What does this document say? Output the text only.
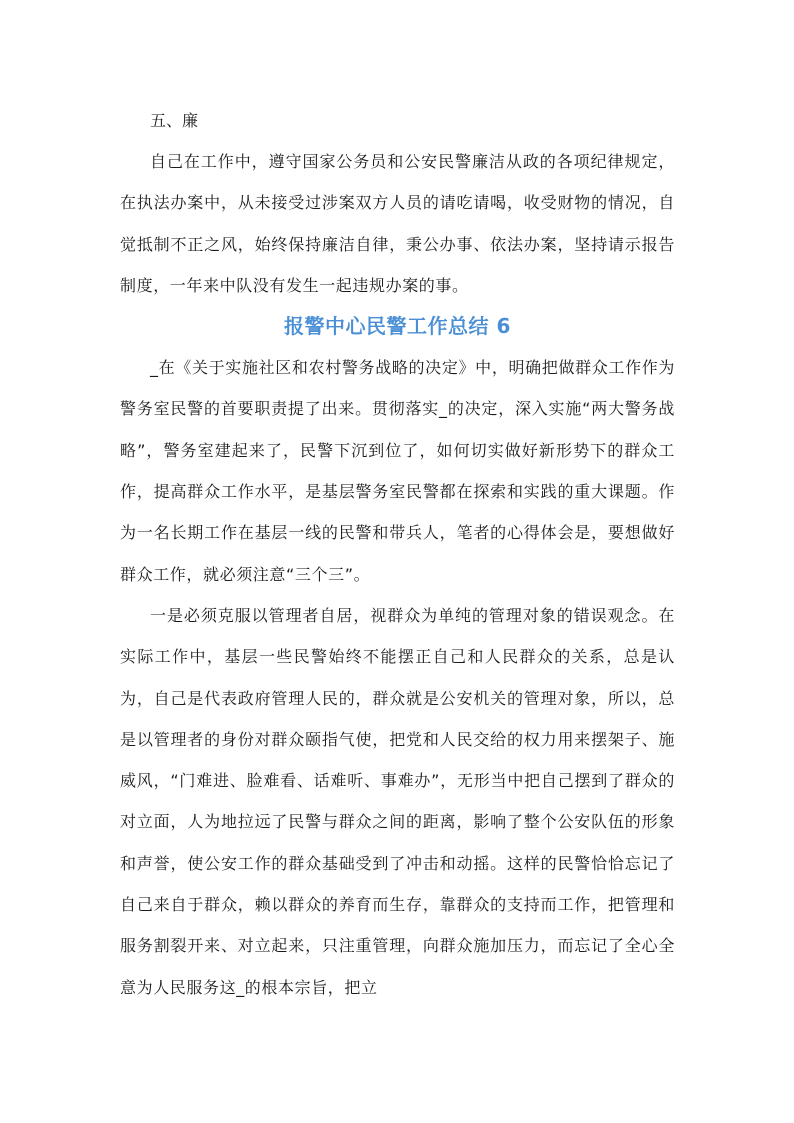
五、廉

自己在工作中，遵守国家公务员和公安民警廉洁从政的各项纪律规定，在执法办案中，从未接受过涉案双方人员的请吃请喝，收受财物的情况，自觉抵制不正之风，始终保持廉洁自律，秉公办事、依法办案，坚持请示报告制度，一年来中队没有发生一起违规办案的事。

报警中心民警工作总结 6

_在《关于实施社区和农村警务战略的决定》中，明确把做群众工作作为警务室民警的首要职责提了出来。贯彻落实_的决定，深入实施“两大警务战略”，警务室建起来了，民警下沉到位了，如何切实做好新形势下的群众工作，提高群众工作水平，是基层警务室民警都在探索和实践的重大课题。作为一名长期工作在基层一线的民警和带兵人，笔者的心得体会是，要想做好群众工作，就必须注意“三个三”。

一是必须克服以管理者自居，视群众为单纯的管理对象的错误观念。在实际工作中，基层一些民警始终不能摆正自己和人民群众的关系，总是认为，自己是代表政府管理人民的，群众就是公安机关的管理对象，所以，总是以管理者的身份对群众颐指气使，把党和人民交给的权力用来摆架子、施威风，“门难进、脸难看、话难听、事难办”，无形当中把自己摆到了群众的对立面，人为地拉远了民警与群众之间的距离，影响了整个公安队伍的形象和声誉，使公安工作的群众基础受到了冲击和动摇。这样的民警恰恰忘记了自己来自于群众，赖以群众的养育而生存，靠群众的支持而工作，把管理和服务割裂开来、对立起来，只注重管理，向群众施加压力，而忘记了全心全意为人民服务这_的根本宗旨，把立
